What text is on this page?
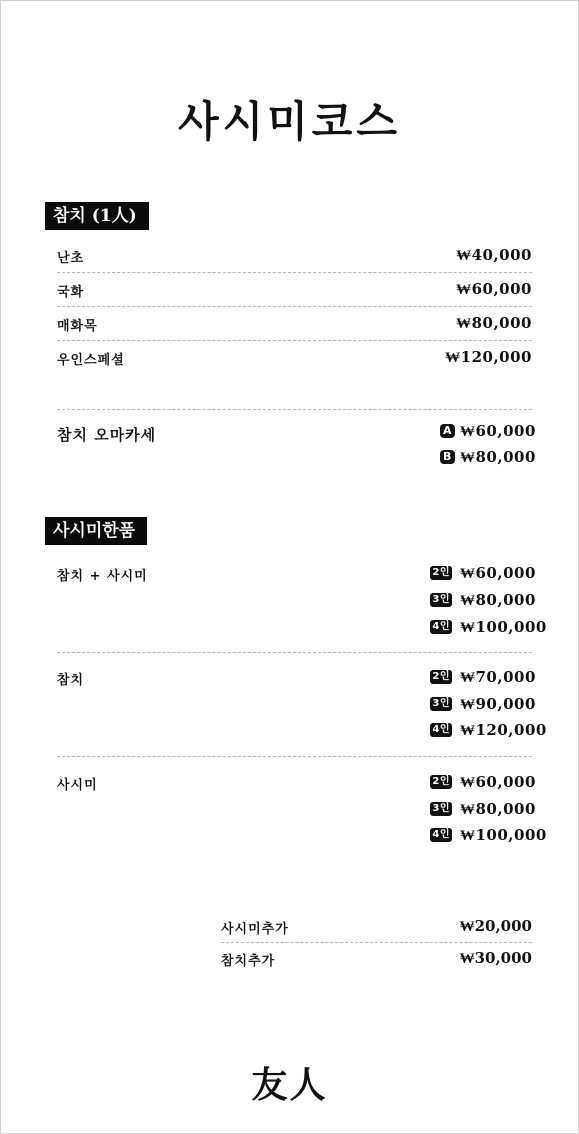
사시미코스
참치 (1人)
난초	₩40,000
국화	₩60,000
매화목	₩80,000
우인스페셜	₩120,000
참치 오마카세	A ₩60,000
B ₩80,000
사시미한품
참치 + 사시미	2인 ₩60,000
3인 ₩80,000
4인 ₩100,000
참치	2인 ₩70,000
3인 ₩90,000
4인 ₩120,000
사시미	2인 ₩60,000
3인 ₩80,000
4인 ₩100,000
사시미추가	₩20,000
참치추가	₩30,000
友人
